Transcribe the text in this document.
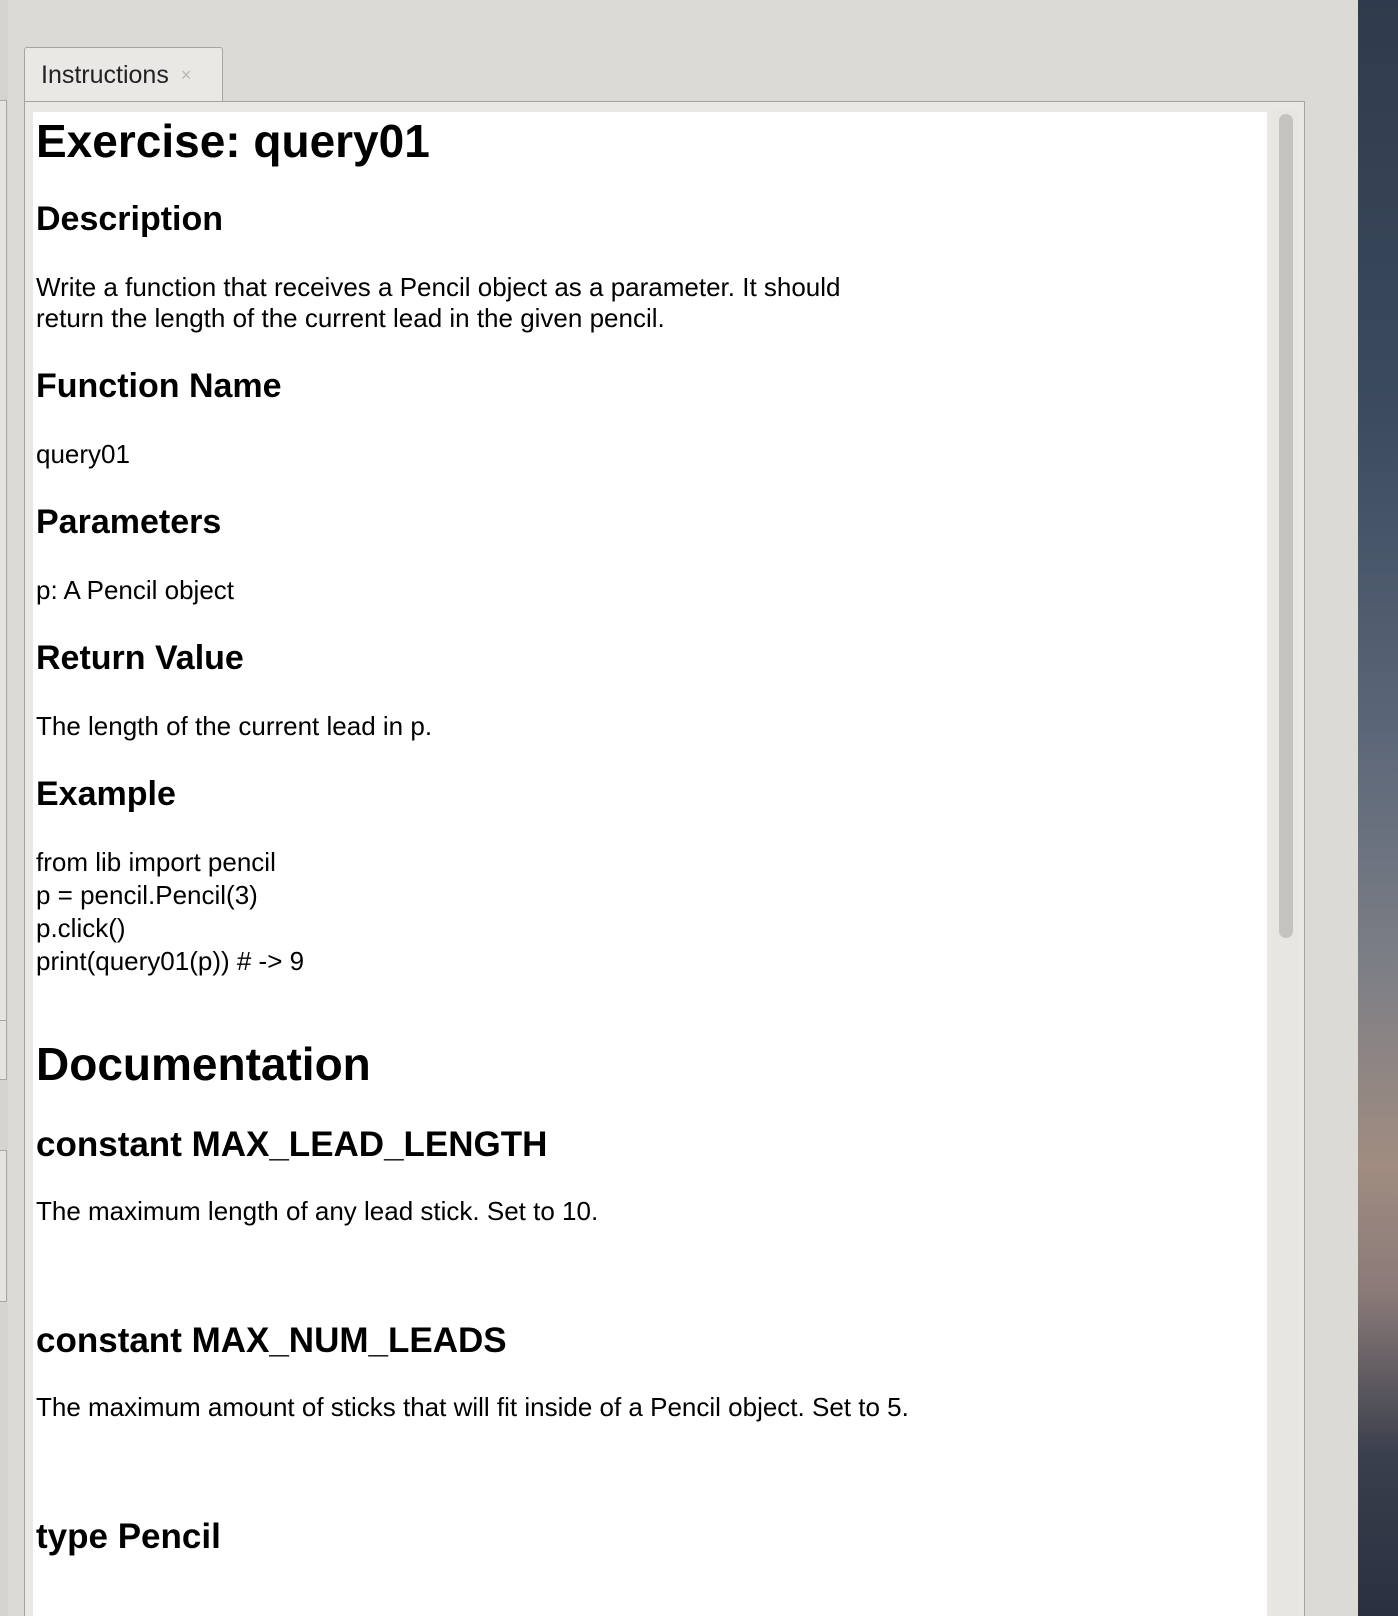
Instructions ×
Exercise: query01
Description

Write a function that receives a Pencil object as a parameter. It should

return the length of the current lead in the given pencil.

Function Name

query01

Parameters

p: A Pencil object

Return Value

The length of the current lead in p.

Example

from lib import pencil

p = pencil.Pencil(3)

p.click()

print(query01(p)) # -> 9

Documentation
constant MAX_LEAD_LENGTH

The maximum length of any lead stick. Set to 10.

constant MAX_NUM_LEADS

The maximum amount of sticks that will fit inside of a Pencil object. Set to 5.

type Pencil
